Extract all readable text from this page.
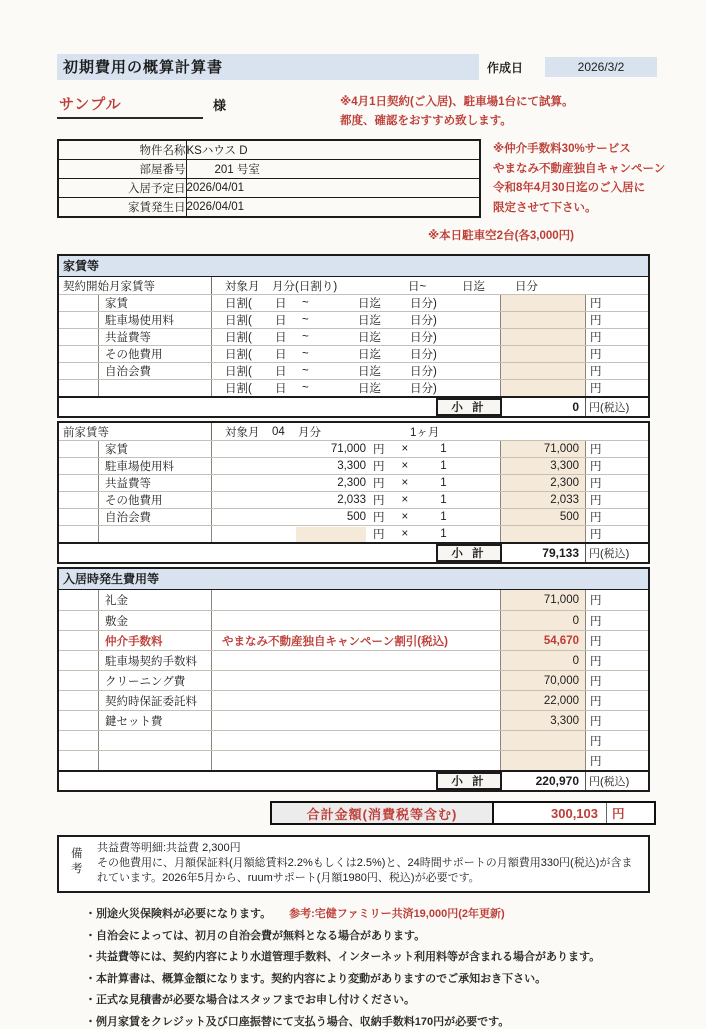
初期費用の概算計算書	作成日	2026/3/2
サンプル	様	※4月1日契約(ご入居)、駐車場1台にて試算。
都度、確認をおすすめ致します。
物件名称	KSハウス D
部屋番号	201 号室
入居予定日	2026/04/01
家賃発生日	2026/04/01
※仲介手数料30%サービス
やまなみ不動産独自キャンペーン
令和8年4月30日迄のご入居に
限定させて下さい。
※本日駐車空2台(各3,000円)
家賃等
契約開始月家賃等	対象月	月分(日割り)	日~	日迄	日分
家賃	日割(	日	~	日迄	日分)	円
駐車場使用料	日割(	日	~	日迄	日分)	円
共益費等	日割(	日	~	日迄	日分)	円
その他費用	日割(	日	~	日迄	日分)	円
自治会費	日割(	日	~	日迄	日分)	円
日割(	日	~	日迄	日分)	円
小 計	0 円(税込)
前家賃等	対象月	04	月分	1ヶ月
家賃	71,000 円 ×	1	71,000 円
駐車場使用料	3,300 円 ×	1	3,300 円
共益費等	2,300 円 ×	1	2,300 円
その他費用	2,033 円 ×	1	2,033 円
自治会費	500 円 ×	1	500 円
円 ×	1	円
小 計	79,133 円(税込)
入居時発生費用等
礼金	71,000 円
敷金	0 円
仲介手数料	やまなみ不動産独自キャンペーン割引(税込)	54,670 円
駐車場契約手数料	0 円
クリーニング費	70,000 円
契約時保証委託料	22,000 円
鍵セット費	3,300 円
円
円
小 計	220,970 円(税込)
合計金額(消費税等含む)	300,103	円
備考
共益費等明細:共益費 2,300円
その他費用に、月額保証料(月額総賃料2.2%もしくは2.5%)と、24時間サポートの月額費用330円(税込)が含まれています。2026年5月から、ruumサポート(月額1980円、税込)が必要です。
・別途火災保険料が必要になります。 参考:宅健ファミリー共済19,000円(2年更新)
・自治会によっては、初月の自治会費が無料となる場合があります。
・共益費等には、契約内容により水道管理手数料、インターネット利用料等が含まれる場合があります。
・本計算書は、概算金額になります。契約内容により変動がありますのでご承知おき下さい。
・正式な見積書が必要な場合はスタッフまでお申し付けください。
・例月家賃をクレジット及び口座振替にて支払う場合、収納手数料170円が必要です。
